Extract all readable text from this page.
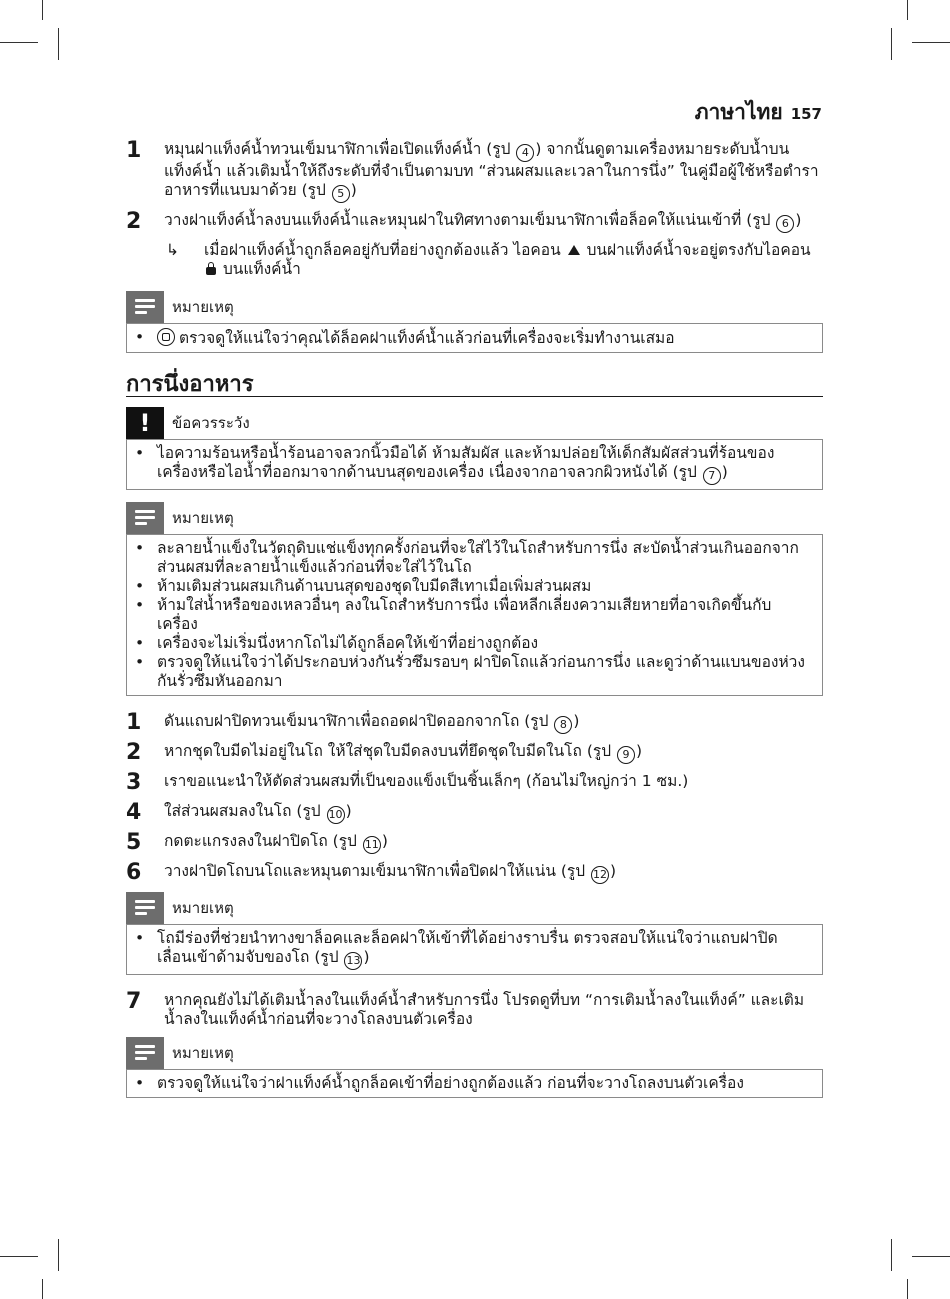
ภาษาไทย 157
1	หมุนฝาแท็งค์น้ำทวนเข็มนาฬิกาเพื่อเปิดแท็งค์น้ำ (รูป 4 ) จากนั้นดูตามเครื่องหมายระดับน้ำบนแท็งค์น้ำ แล้วเติมน้ำให้ถึงระดับที่จำเป็นตามบท “ส่วนผสมและเวลาในการนึ่ง” ในคู่มือผู้ใช้หรือตำราอาหารที่แนบมาด้วย (รูป 5 )
2	วางฝาแท็งค์น้ำลงบนแท็งค์น้ำและหมุนฝาในทิศทางตามเข็มนาฬิกาเพื่อล็อคให้แน่นเข้าที่ (รูป 6 )
↳	เมื่อฝาแท็งค์น้ำถูกล็อคอยู่กับที่อย่างถูกต้องแล้ว ไอคอน บนฝาแท็งค์น้ำจะอยู่ตรงกับไอคอน  บนแท็งค์น้ำ
หมายเหตุ
• ตรวจดูให้แน่ใจว่าคุณได้ล็อคฝาแท็งค์น้ำแล้วก่อนที่เครื่องจะเริ่มทำงานเสมอ
การนึ่งอาหาร
!	ข้อควรระวัง
• ไอความร้อนหรือน้ำร้อนอาจลวกนิ้วมือได้ ห้ามสัมผัส และห้ามปล่อยให้เด็กสัมผัสส่วนที่ร้อนของเครื่องหรือไอน้ำที่ออกมาจากด้านบนสุดของเครื่อง เนื่องจากอาจลวกผิวหนังได้ (รูป 7 )
หมายเหตุ
• ละลายน้ำแข็งในวัตถุดิบแช่แข็งทุกครั้งก่อนที่จะใส่ไว้ในโถสำหรับการนึ่ง สะบัดน้ำส่วนเกินออกจากส่วนผสมที่ละลายน้ำแข็งแล้วก่อนที่จะใส่ไว้ในโถ
• ห้ามเติมส่วนผสมเกินด้านบนสุดของชุดใบมีดสีเทาเมื่อเพิ่มส่วนผสม
• ห้ามใส่น้ำหรือของเหลวอื่นๆ ลงในโถสำหรับการนึ่ง เพื่อหลีกเลี่ยงความเสียหายที่อาจเกิดขึ้นกับเครื่อง
• เครื่องจะไม่เริ่มนึ่งหากโถไม่ได้ถูกล็อคให้เข้าที่อย่างถูกต้อง
• ตรวจดูให้แน่ใจว่าได้ประกอบห่วงกันรั่วซึมรอบๆ ฝาปิดโถแล้วก่อนการนึ่ง และดูว่าด้านแบนของห่วงกันรั่วซึมหันออกมา
1	ดันแถบฝาปิดทวนเข็มนาฬิกาเพื่อถอดฝาปิดออกจากโถ (รูป 8 )
2	หากชุดใบมีดไม่อยู่ในโถ ให้ใส่ชุดใบมีดลงบนที่ยึดชุดใบมีดในโถ (รูป 9 )
3	เราขอแนะนำให้ตัดส่วนผสมที่เป็นของแข็งเป็นชิ้นเล็กๆ (ก้อนไม่ใหญ่กว่า 1 ซม.)
4	ใส่ส่วนผสมลงในโถ (รูป 10 )
5	กดตะแกรงลงในฝาปิดโถ (รูป 11 )
6	วางฝาปิดโถบนโถและหมุนตามเข็มนาฬิกาเพื่อปิดฝาให้แน่น (รูป 12 )
หมายเหตุ
• โถมีร่องที่ช่วยนำทางขาล็อคและล็อคฝาให้เข้าที่ได้อย่างราบรื่น ตรวจสอบให้แน่ใจว่าแถบฝาปิดเลื่อนเข้าด้ามจับของโถ (รูป 13 )
7	หากคุณยังไม่ได้เติมน้ำลงในแท็งค์น้ำสำหรับการนึ่ง โปรดดูที่บท “การเติมน้ำลงในแท็งค์” และเติมน้ำลงในแท็งค์น้ำก่อนที่จะวางโถลงบนตัวเครื่อง
หมายเหตุ
• ตรวจดูให้แน่ใจว่าฝาแท็งค์น้ำถูกล็อคเข้าที่อย่างถูกต้องแล้ว ก่อนที่จะวางโถลงบนตัวเครื่อง
